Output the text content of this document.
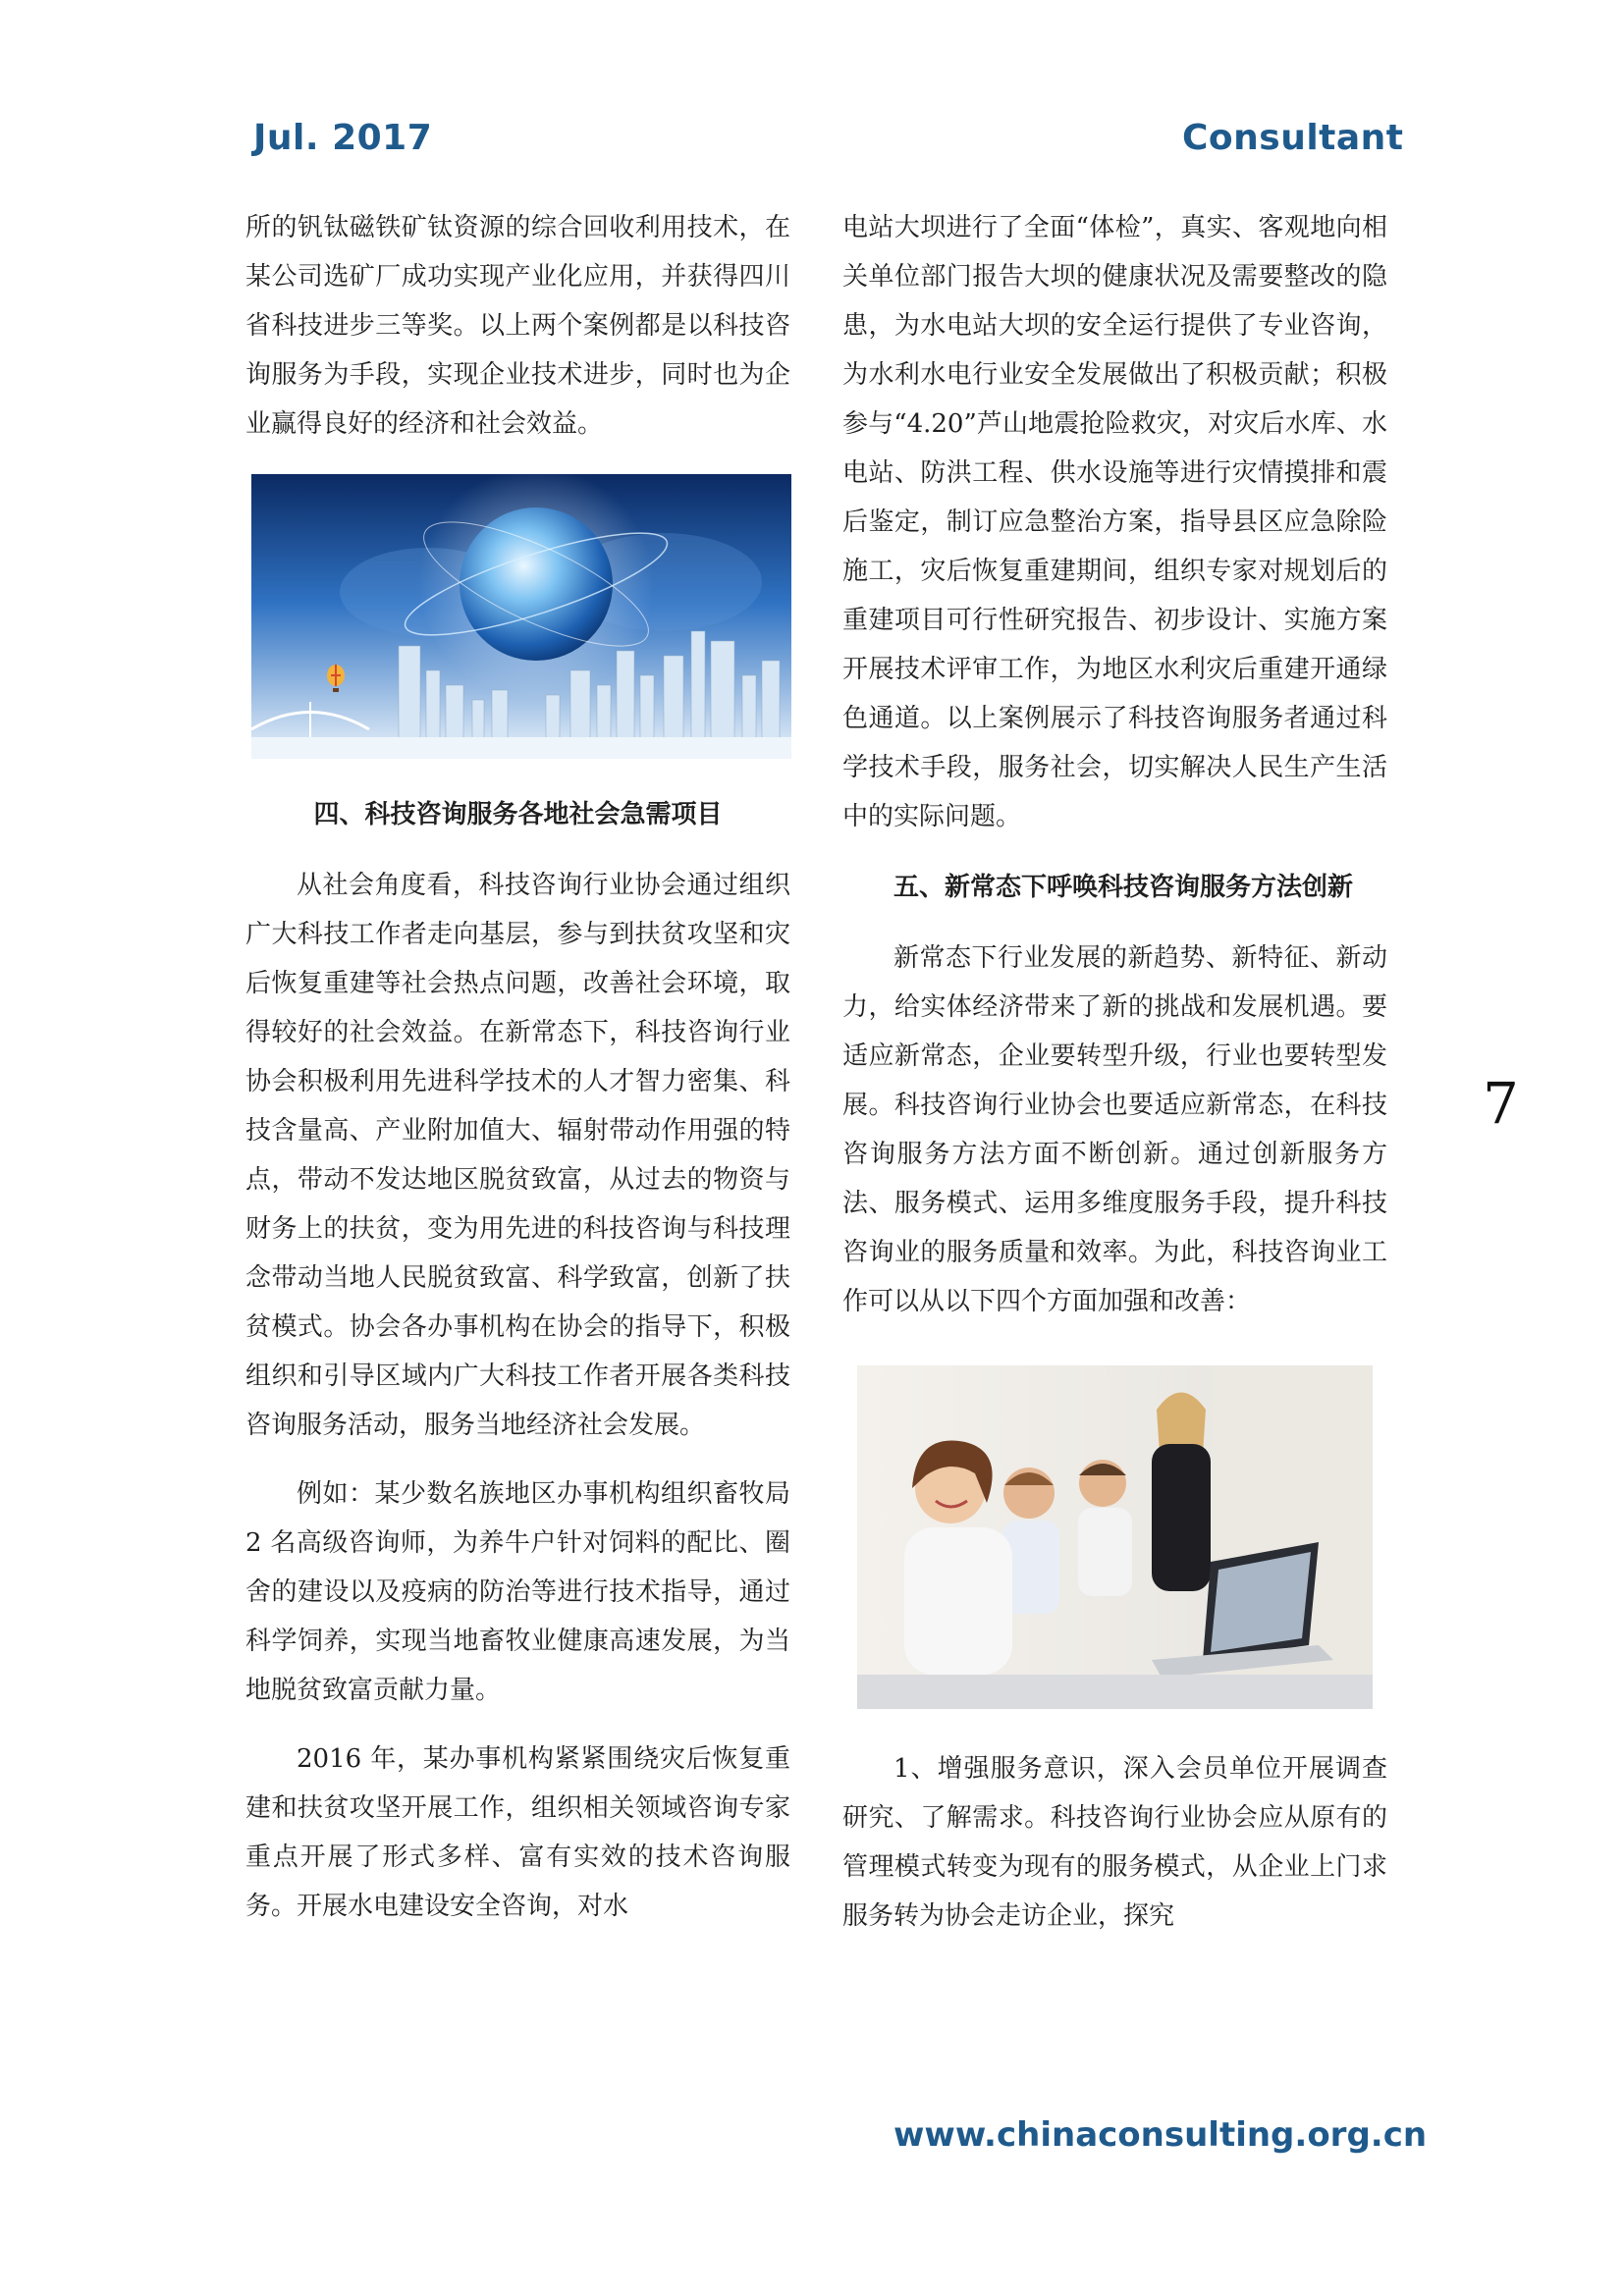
Jul. 2017	Consultant

所的钒钛磁铁矿钛资源的综合回收利用技术，在某公司选矿厂成功实现产业化应用，并获得四川省科技进步三等奖。以上两个案例都是以科技咨询服务为手段，实现企业技术进步，同时也为企业赢得良好的经济和社会效益。

四、科技咨询服务各地社会急需项目

从社会角度看，科技咨询行业协会通过组织广大科技工作者走向基层，参与到扶贫攻坚和灾后恢复重建等社会热点问题，改善社会环境，取得较好的社会效益。在新常态下，科技咨询行业协会积极利用先进科学技术的人才智力密集、科技含量高、产业附加值大、辐射带动作用强的特点，带动不发达地区脱贫致富，从过去的物资与财务上的扶贫，变为用先进的科技咨询与科技理念带动当地人民脱贫致富、科学致富，创新了扶贫模式。协会各办事机构在协会的指导下，积极组织和引导区域内广大科技工作者开展各类科技咨询服务活动，服务当地经济社会发展。

例如：某少数名族地区办事机构组织畜牧局 2 名高级咨询师，为养牛户针对饲料的配比、圈舍的建设以及疫病的防治等进行技术指导，通过科学饲养，实现当地畜牧业健康高速发展，为当地脱贫致富贡献力量。

2016 年，某办事机构紧紧围绕灾后恢复重建和扶贫攻坚开展工作，组织相关领域咨询专家重点开展了形式多样、富有实效的技术咨询服务。开展水电建设安全咨询，对水

电站大坝进行了全面“体检”，真实、客观地向相关单位部门报告大坝的健康状况及需要整改的隐患，为水电站大坝的安全运行提供了专业咨询，为水利水电行业安全发展做出了积极贡献；积极参与“4.20”芦山地震抢险救灾，对灾后水库、水电站、防洪工程、供水设施等进行灾情摸排和震后鉴定，制订应急整治方案，指导县区应急除险施工，灾后恢复重建期间，组织专家对规划后的重建项目可行性研究报告、初步设计、实施方案开展技术评审工作，为地区水利灾后重建开通绿色通道。以上案例展示了科技咨询服务者通过科学技术手段，服务社会，切实解决人民生产生活中的实际问题。

五、新常态下呼唤科技咨询服务方法创新

新常态下行业发展的新趋势、新特征、新动力，给实体经济带来了新的挑战和发展机遇。要适应新常态，企业要转型升级，行业也要转型发展。科技咨询行业协会也要适应新常态，在科技咨询服务方法方面不断创新。通过创新服务方法、服务模式、运用多维度服务手段，提升科技咨询业的服务质量和效率。为此，科技咨询业工作可以从以下四个方面加强和改善：

1、增强服务意识，深入会员单位开展调查研究、了解需求。科技咨询行业协会应从原有的管理模式转变为现有的服务模式，从企业上门求服务转为协会走访企业，探究

7
www.chinaconsulting.org.cn
